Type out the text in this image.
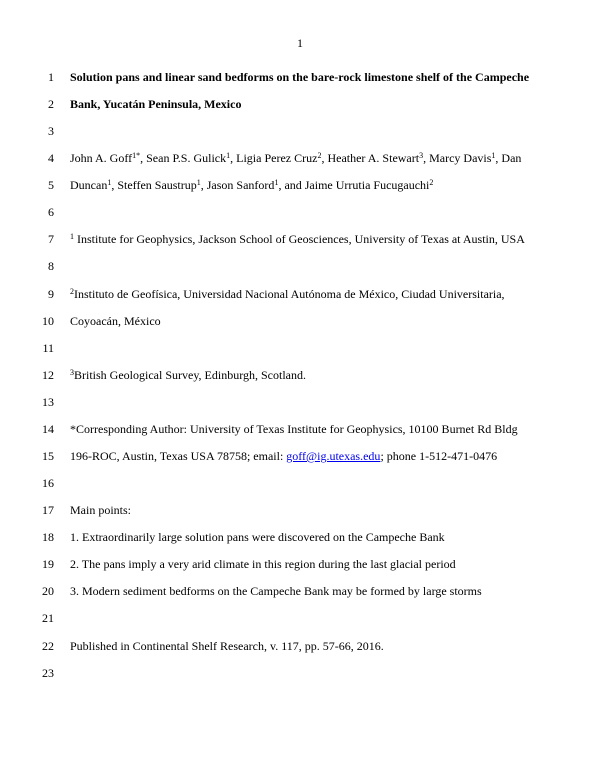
1
1 Solution pans and linear sand bedforms on the bare-rock limestone shelf of the Campeche
2 Bank, Yucatán Peninsula, Mexico
3
4 John A. Goff$^{1*}$, Sean P.S. Gulick$^1$, Ligia Perez Cruz$^2$, Heather A. Stewart$^3$, Marcy Davis$^1$, Dan
5 Duncan$^1$, Steffen Saustrup$^1$, Jason Sanford$^1$, and Jaime Urrutia Fucugauchi$^2$
6
7 $^1$ Institute for Geophysics, Jackson School of Geosciences, University of Texas at Austin, USA
8
9 $^2$Instituto de Geofísica, Universidad Nacional Autónoma de México, Ciudad Universitaria,
10 Coyoacán, México
11
12 $^3$British Geological Survey, Edinburgh, Scotland.
13
14 *Corresponding Author: University of Texas Institute for Geophysics, 10100 Burnet Rd Bldg
15 196-ROC, Austin, Texas USA 78758; email: goff@ig.utexas.edu; phone 1-512-471-0476
16
17 Main points:
18 1. Extraordinarily large solution pans were discovered on the Campeche Bank
19 2. The pans imply a very arid climate in this region during the last glacial period
20 3. Modern sediment bedforms on the Campeche Bank may be formed by large storms
21
22 Published in Continental Shelf Research, v. 117, pp. 57-66, 2016.
23
